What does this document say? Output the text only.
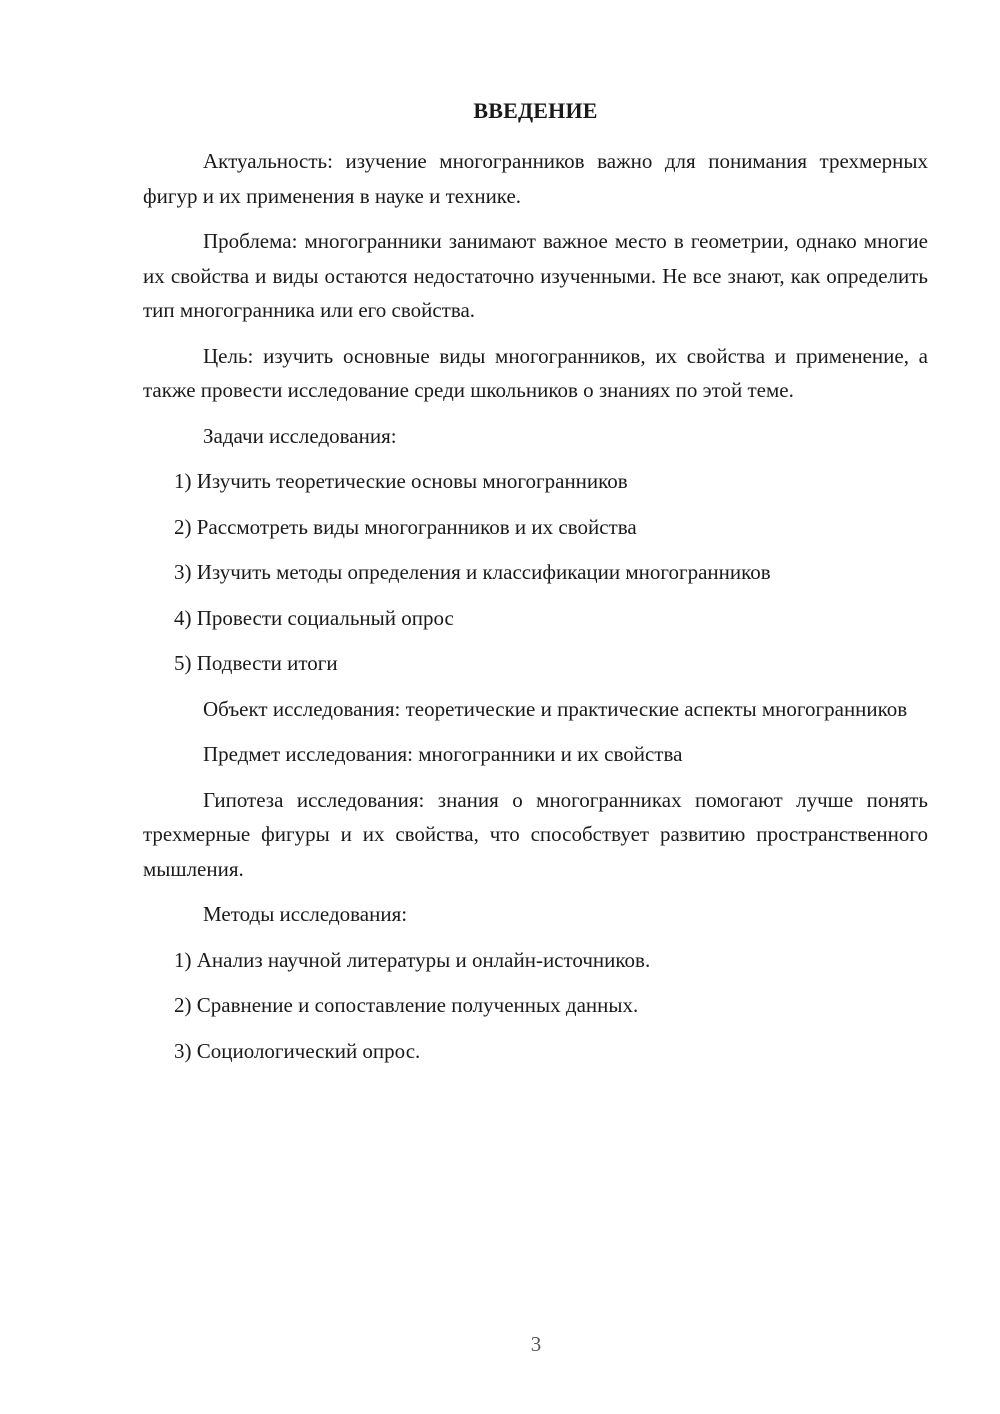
ВВЕДЕНИЕ

Актуальность: изучение многогранников важно для понимания трехмерных фигур и их применения в науке и технике.

Проблема: многогранники занимают важное место в геометрии, однако многие их свойства и виды остаются недостаточно изученными. Не все знают, как определить тип многогранника или его свойства.

Цель: изучить основные виды многогранников, их свойства и применение, а также провести исследование среди школьников о знаниях по этой теме.

Задачи исследования:

1) Изучить теоретические основы многогранников
2) Рассмотреть виды многогранников и их свойства
3) Изучить методы определения и классификации многогранников
4) Провести социальный опрос
5) Подвести итоги

Объект исследования: теоретические и практические аспекты многогранников

Предмет исследования: многогранники и их свойства

Гипотеза исследования: знания о многогранниках помогают лучше понять трехмерные фигуры и их свойства, что способствует развитию пространственного мышления.

Методы исследования:

1) Анализ научной литературы и онлайн-источников.
2) Сравнение и сопоставление полученных данных.
3) Социологический опрос.
3
